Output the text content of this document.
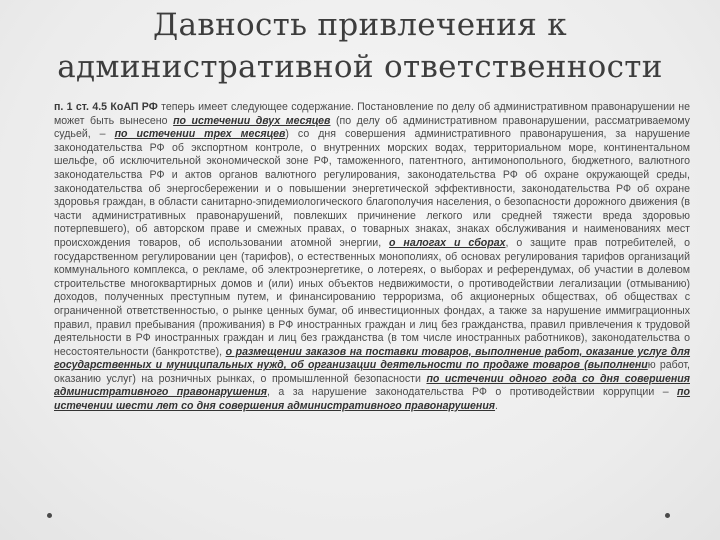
Давность привлечения к
административной ответственности
п. 1 ст. 4.5 КоАП РФ теперь имеет следующее содержание. Постановление по делу об административном правонарушении не может быть вынесено по истечении двух месяцев (по делу об административном правонарушении, рассматриваемому судьей, – по истечении трех месяцев) со дня совершения административного правонарушения, за нарушение законодательства РФ об экспортном контроле, о внутренних морских водах, территориальном море, континентальном шельфе, об исключительной экономической зоне РФ, таможенного, патентного, антимонопольного, бюджетного, валютного законодательства РФ и актов органов валютного регулирования, законодательства РФ об охране окружающей среды, законодательства об энергосбережении и о повышении энергетической эффективности, законодательства РФ об охране здоровья граждан, в области санитарно-эпидемиологического благополучия населения, о безопасности дорожного движения (в части административных правонарушений, повлекших причинение легкого или средней тяжести вреда здоровью потерпевшего), об авторском праве и смежных правах, о товарных знаках, знаках обслуживания и наименованиях мест происхождения товаров, об использовании атомной энергии, о налогах и сборах, о защите прав потребителей, о государственном регулировании цен (тарифов), о естественных монополиях, об основах регулирования тарифов организаций коммунального комплекса, о рекламе, об электроэнергетике, о лотереях, о выборах и референдумах, об участии в долевом строительстве многоквартирных домов и (или) иных объектов недвижимости, о противодействии легализации (отмыванию) доходов, полученных преступным путем, и финансированию терроризма, об акционерных обществах, об обществах с ограниченной ответственностью, о рынке ценных бумаг, об инвестиционных фондах, а также за нарушение иммиграционных правил, правил пребывания (проживания) в РФ иностранных граждан и лиц без гражданства, правил привлечения к трудовой деятельности в РФ иностранных граждан и лиц без гражданства (в том числе иностранных работников), законодательства о несостоятельности (банкротстве), о размещении заказов на поставки товаров, выполнение работ, оказание услуг для государственных и муниципальных нужд, об организации деятельности по продаже товаров (выполнению работ, оказанию услуг) на розничных рынках, о промышленной безопасности по истечении одного года со дня совершения административного правонарушения, а за нарушение законодательства РФ о противодействии коррупции – по истечении шести лет со дня совершения административного правонарушения.
